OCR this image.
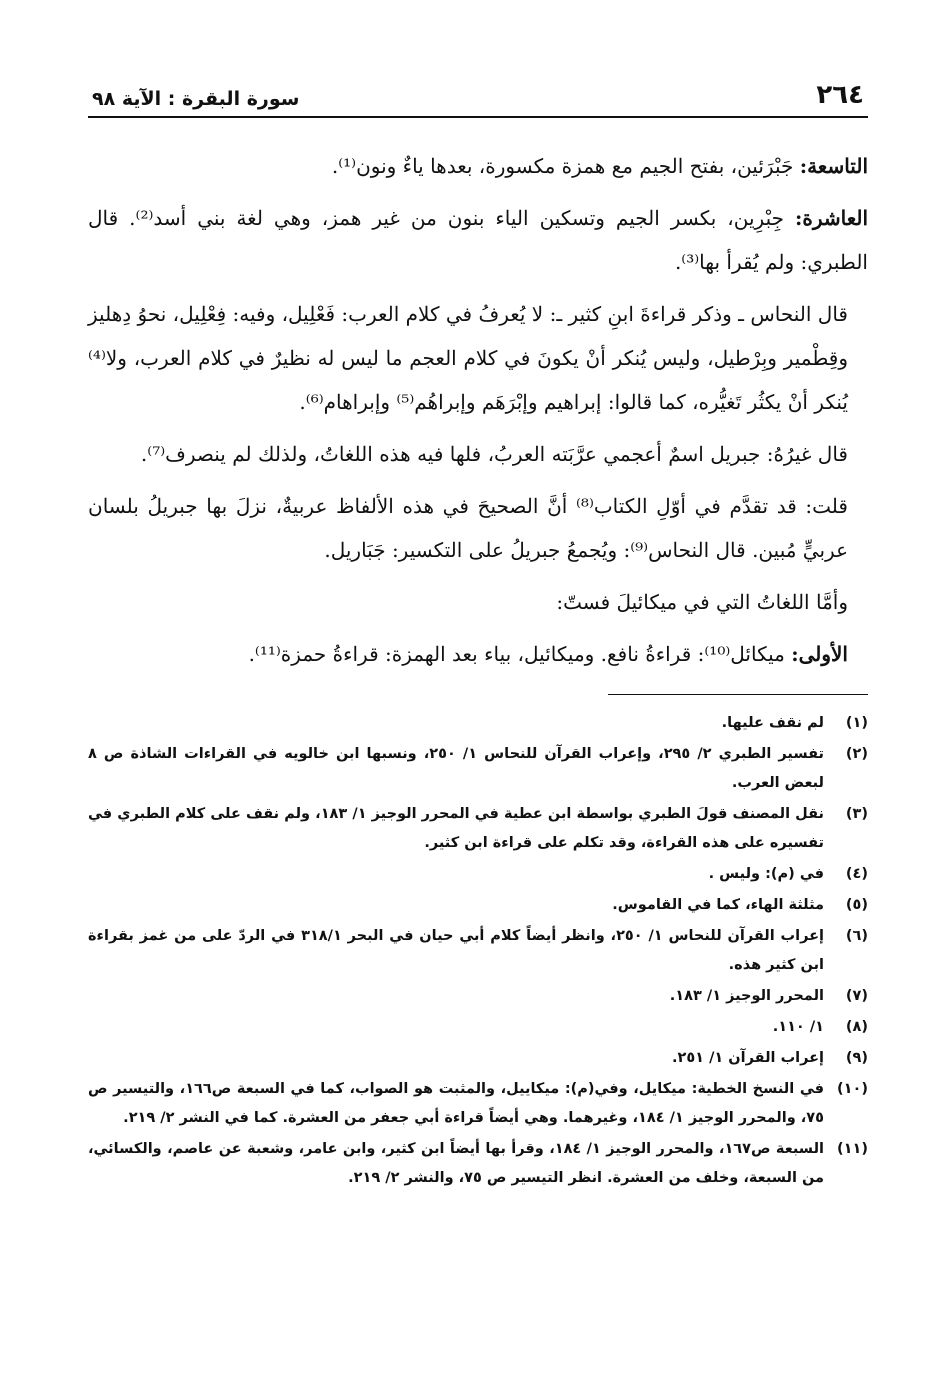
٢٦٤
سورة البقرة : الآية ٩٨

التاسعة: جَبْرَئين، بفتح الجيم مع همزة مكسورة، بعدها ياءٌ ونون⁽¹⁾.

العاشرة: جِبْرِين، بكسر الجيم وتسكين الياء بنون من غير همز، وهي لغة بني أسد⁽²⁾. قال الطبري: ولم يُقرأ بها⁽³⁾.

قال النحاس ـ وذكر قراءةَ ابنِ كثير ـ: لا يُعرفُ في كلام العرب: فَعْلِيل، وفيه: فِعْلِيل، نحوُ دِهليز وقِطْمير وبِرْطيل، وليس يُنكر أنْ يكونَ في كلام العجم ما ليس له نظيرٌ في كلام العرب، ولا⁽⁴⁾ يُنكر أنْ يكثُر تَغيُّره، كما قالوا: إبراهيم وإبْرَهَم وإبراهُم⁽⁵⁾ وإبراهام⁽⁶⁾.

قال غيرُهُ: جبريل اسمٌ أعجمي عرَّبَته العربُ، فلها فيه هذه اللغاتُ، ولذلك لم ينصرف⁽⁷⁾.

قلت: قد تقدَّم في أوّلِ الكتاب⁽⁸⁾ أنَّ الصحيحَ في هذه الألفاظ عربيةٌ، نزلَ بها جبريلُ بلسان عربيٍّ مُبين. قال النحاس⁽⁹⁾: ويُجمعُ جبريلُ على التكسير: جَبَاريل.

وأمَّا اللغاتُ التي في ميكائيلَ فستّ:

الأولى: ميكائل⁽¹⁰⁾: قراءةُ نافع. وميكائيل، بياء بعد الهمزة: قراءةُ حمزة⁽¹¹⁾.

(١)
لم نقف عليها.
(٢)
تفسير الطبري ٢/ ٢٩٥، وإعراب القرآن للنحاس ١/ ٢٥٠، ونسبها ابن خالويه في القراءات الشاذة ص ٨ لبعض العرب.
(٣)
نقل المصنف قولَ الطبري بواسطة ابن عطية في المحرر الوجيز ١/ ١٨٣، ولم نقف على كلام الطبري في تفسيره على هذه القراءة، وقد تكلم على قراءة ابن كثير.
(٤)
في (م): وليس .
(٥)
مثلثة الهاء، كما في القاموس.
(٦)
إعراب القرآن للنحاس ١/ ٢٥٠، وانظر أيضاً كلام أبي حيان في البحر ٣١٨/١ في الردّ على من غمز بقراءة ابن كثير هذه.
(٧)
المحرر الوجيز ١/ ١٨٣.
(٨)
١/ ١١٠.
(٩)
إعراب القرآن ١/ ٢٥١.
(١٠)
في النسخ الخطية: ميكايل، وفي(م): ميكاييل، والمثبت هو الصواب، كما في السبعة ص١٦٦، والتيسير ص ٧٥، والمحرر الوجيز ١/ ١٨٤، وغيرهما. وهي أيضاً قراءة أبي جعفر من العشرة. كما في النشر ٢/ ٢١٩.
(١١)
السبعة ص١٦٧، والمحرر الوجيز ١/ ١٨٤، وقرأ بها أيضاً ابن كثير، وابن عامر، وشعبة عن عاصم، والكسائي، من السبعة، وخلف من العشرة. انظر التيسير ص ٧٥، والنشر ٢/ ٢١٩.
